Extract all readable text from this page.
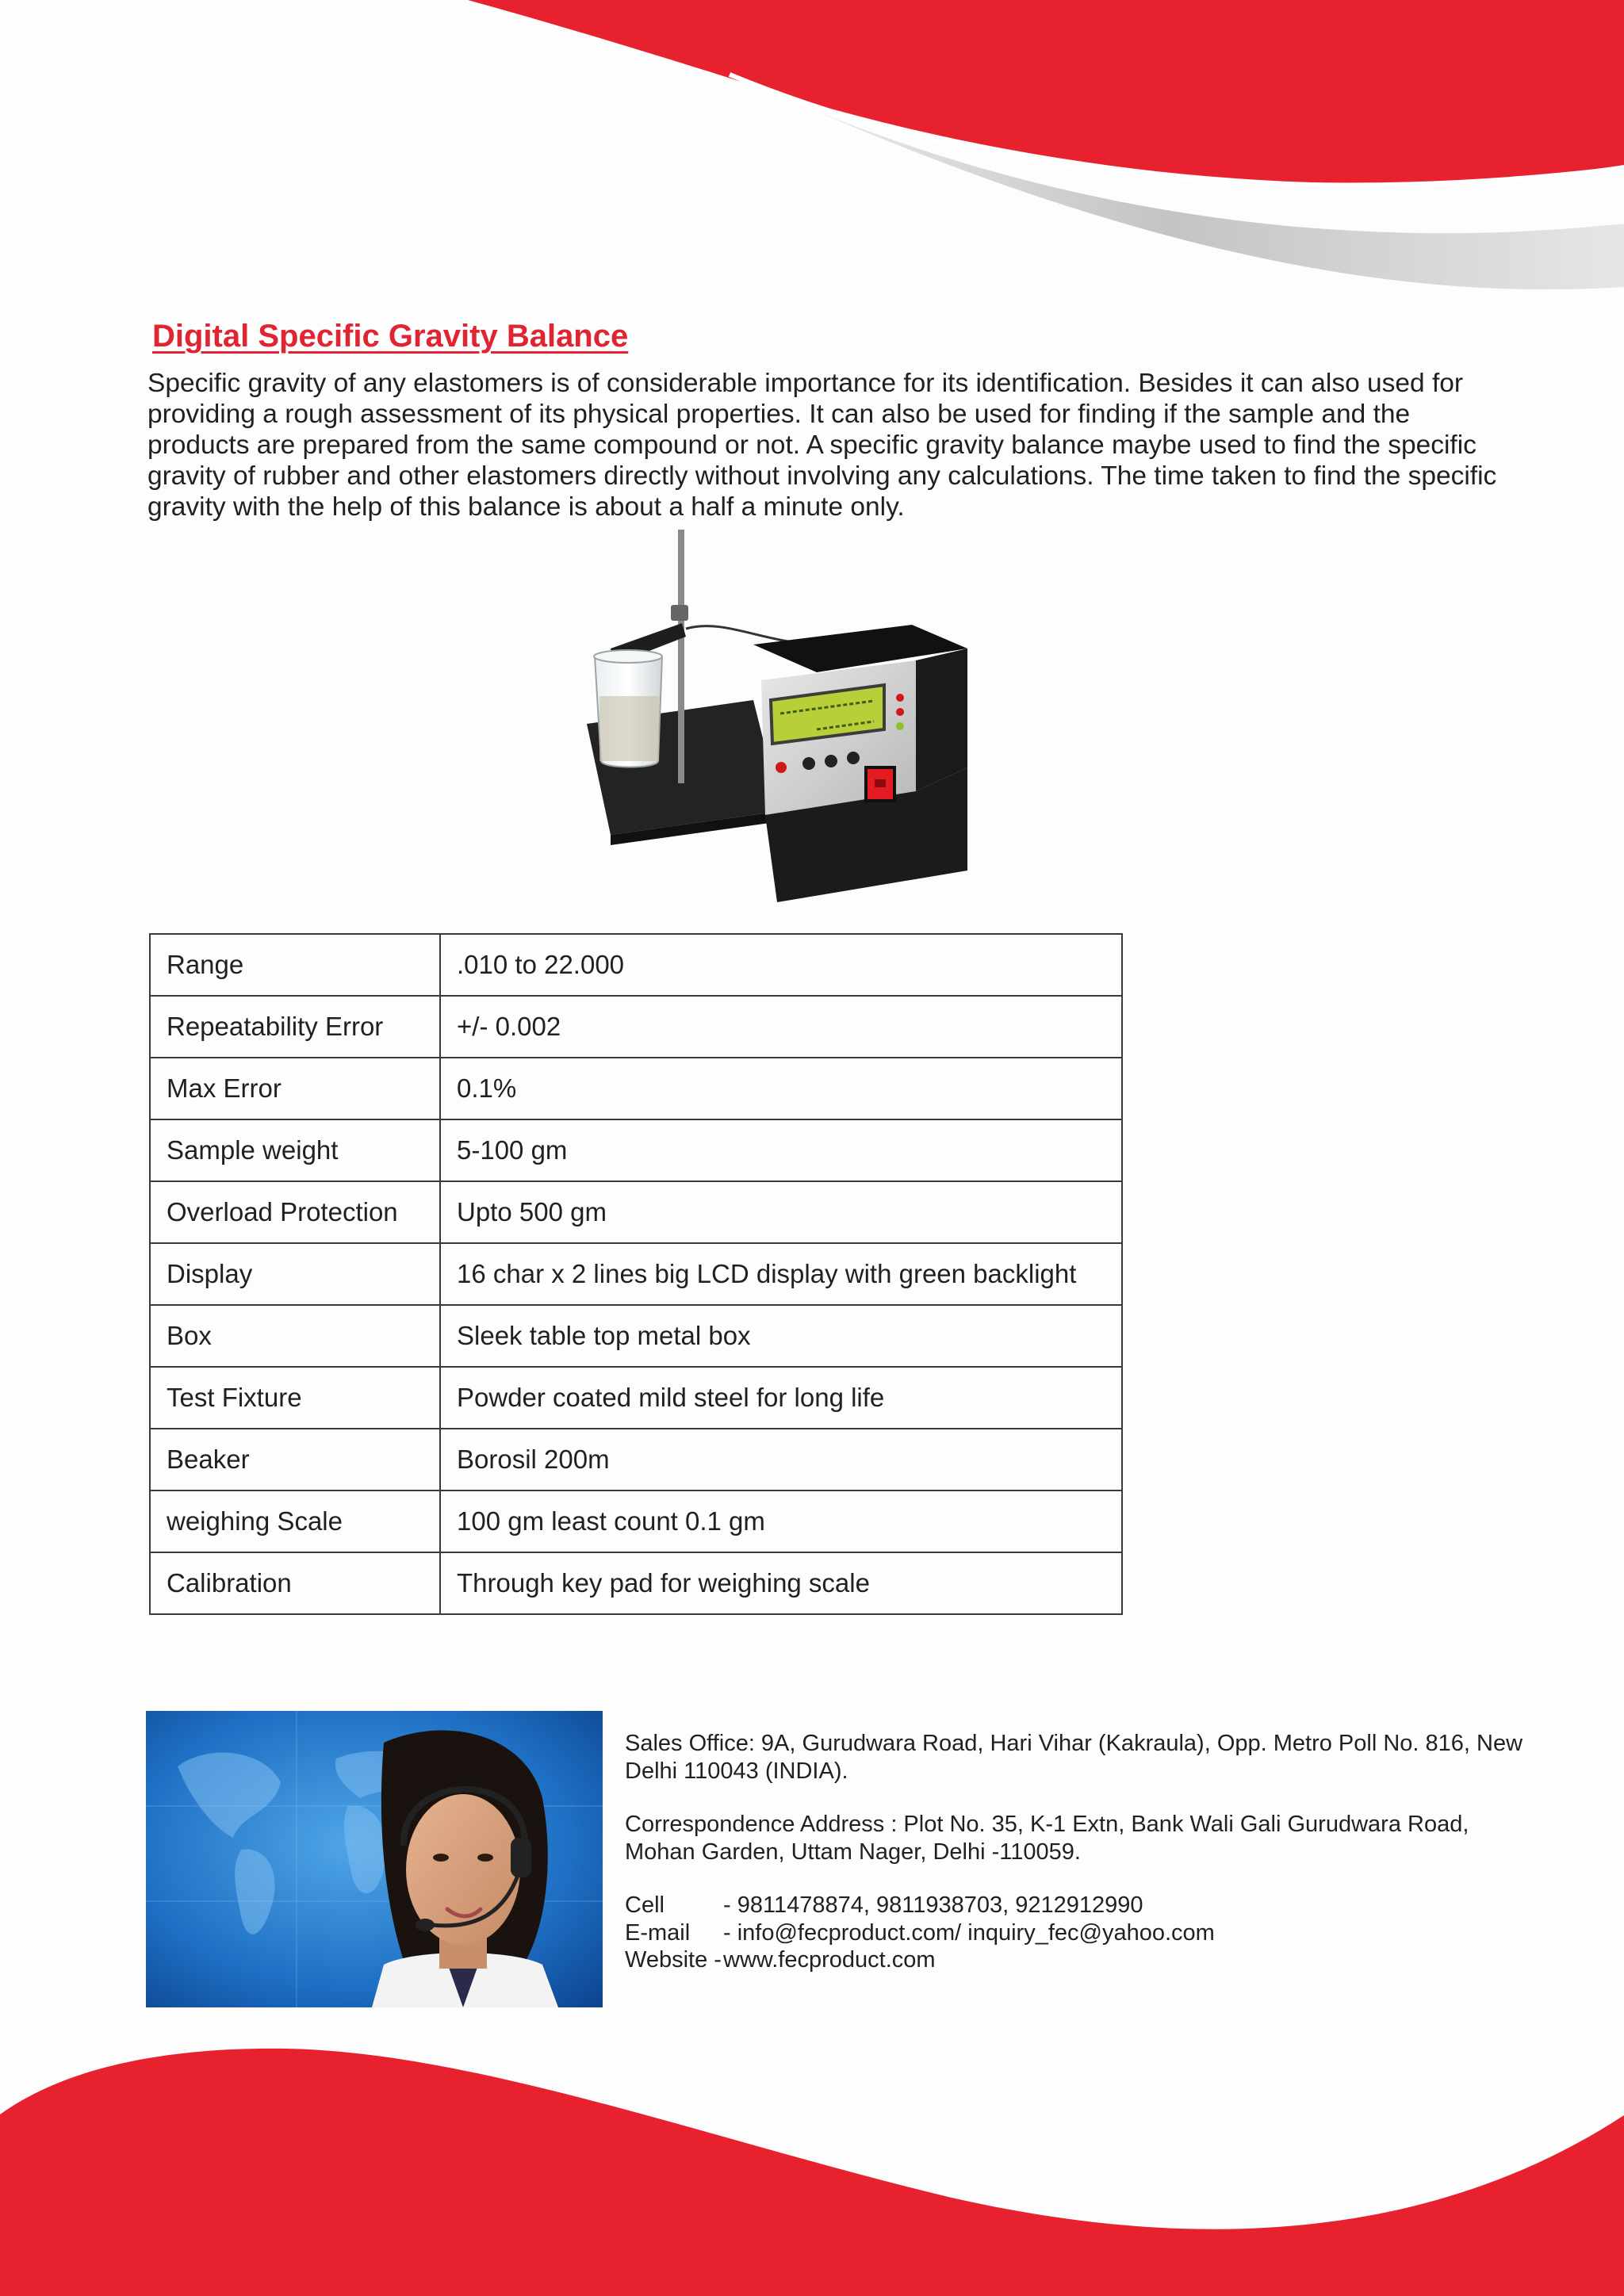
Digital Specific Gravity Balance

Specific gravity of any elastomers is of considerable importance for its identification. Besides it can also used for providing a rough assessment of its physical properties. It can also be used for finding if the sample and the products are prepared from the same compound or not. A specific gravity balance maybe used to find the specific gravity of rubber and other elastomers directly without involving any calculations. The time taken to find the specific gravity with the help of this balance is about a half a minute only.

Range	.010 to 22.000
Repeatability Error	+/- 0.002
Max Error	0.1%
Sample weight	5-100 gm
Overload Protection	Upto 500 gm
Display	16 char x 2 lines big LCD display with green backlight
Box	Sleek table top metal box
Test Fixture	Powder coated mild steel for long life
Beaker	Borosil 200m
weighing Scale	100 gm least count 0.1 gm
Calibration	Through key pad for weighing scale

Sales Office: 9A, Gurudwara Road, Hari Vihar (Kakraula), Opp. Metro Poll No. 816, New Delhi 110043 (INDIA).

Correspondence Address : Plot No. 35, K-1 Extn, Bank Wali Gali Gurudwara Road, Mohan Garden, Uttam Nager, Delhi -110059.

Cell	- 9811478874, 9811938703, 9212912990
E-mail	- info@fecproduct.com/ inquiry_fec@yahoo.com
Website - www.fecproduct.com
